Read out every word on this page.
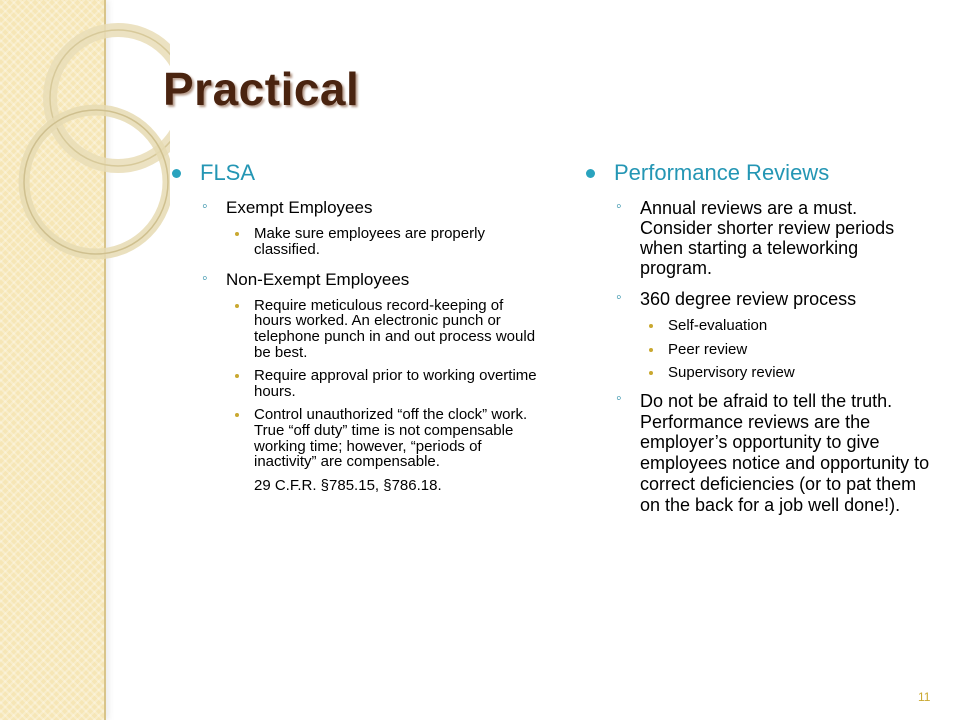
Practical
FLSA
◦ Exempt Employees
Make sure employees are properly classified.
◦ Non-Exempt Employees
Require meticulous record-keeping of hours worked. An electronic punch or telephone punch in and out process would be best.
Require approval prior to working overtime hours.
Control unauthorized “off the clock” work. True “off duty” time is not compensable working time; however, “periods of inactivity” are compensable.
29 C.F.R. §785.15, §786.18.
Performance Reviews
◦ Annual reviews are a must. Consider shorter review periods when starting a teleworking program.
◦ 360 degree review process
Self-evaluation
Peer review
Supervisory review
◦ Do not be afraid to tell the truth. Performance reviews are the employer’s opportunity to give employees notice and opportunity to correct deficiencies (or to pat them on the back for a job well done!).
11
